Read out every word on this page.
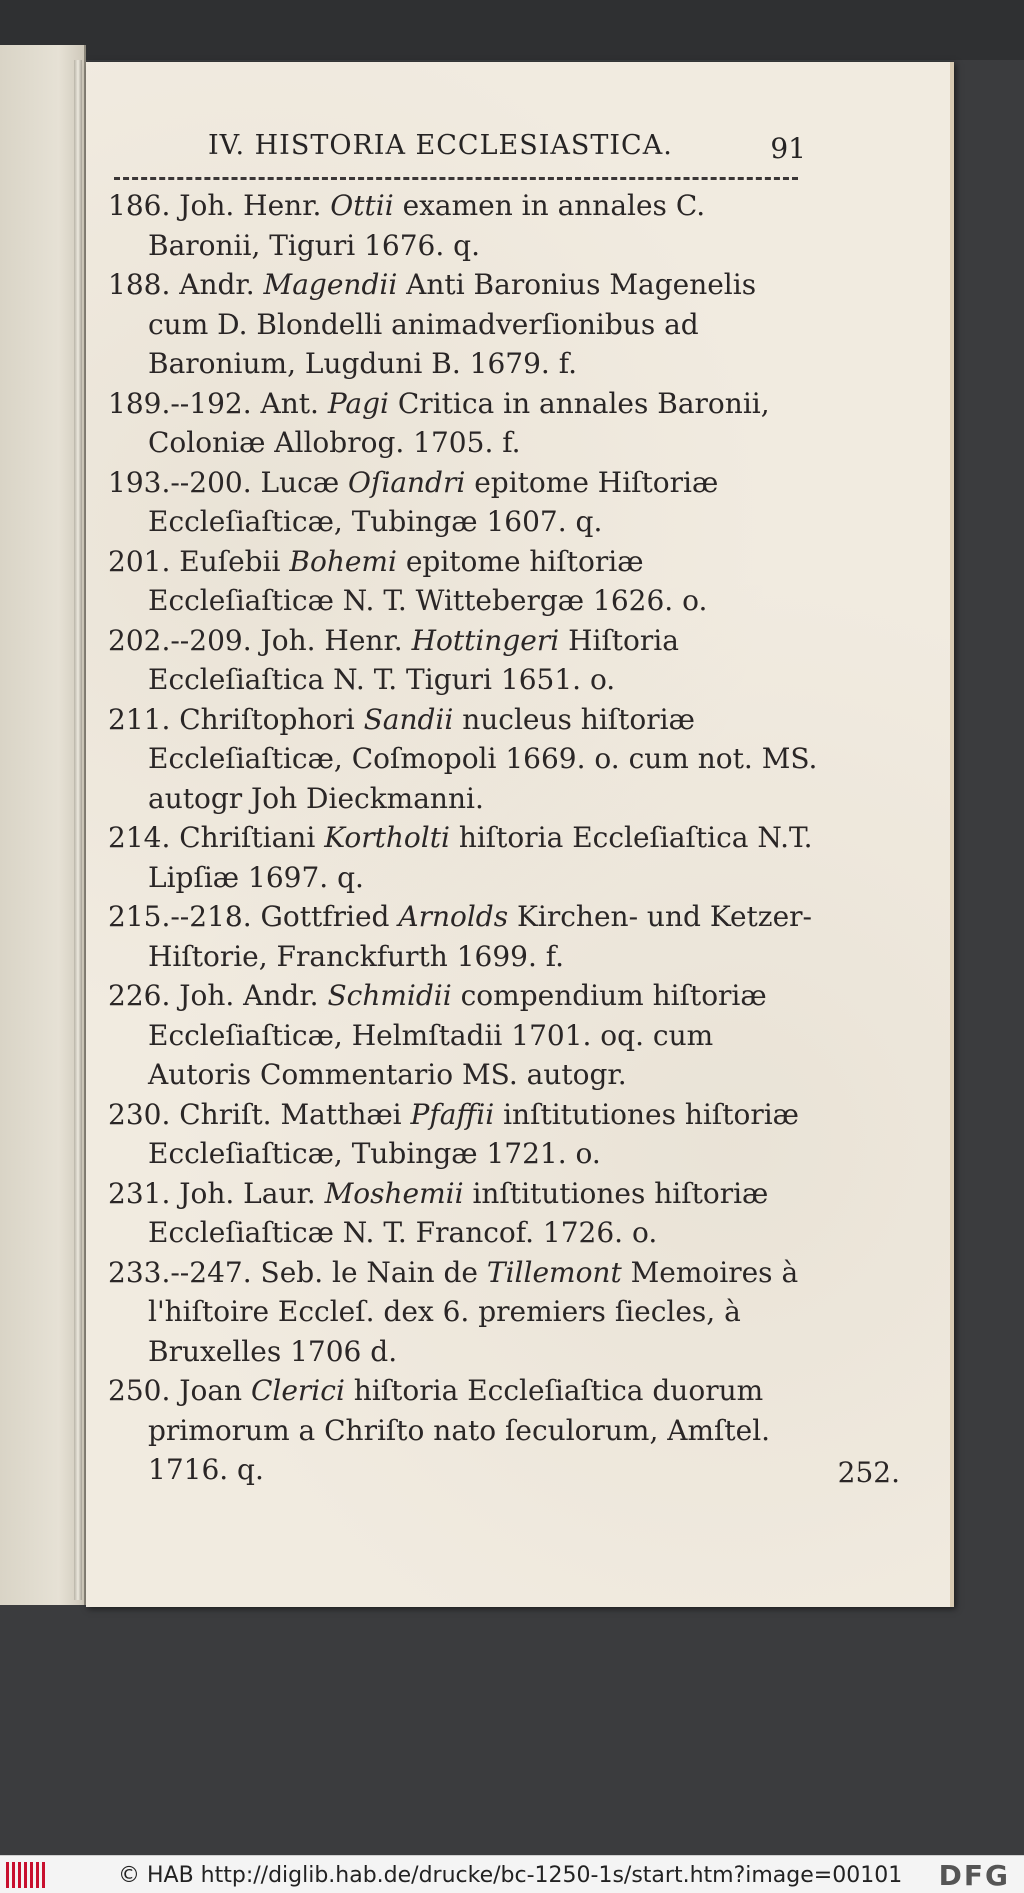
IV. HISTORIA ECCLESIASTICA.	91

186. Joh. Henr. Ottii examen in annales C. Baronii, Tiguri 1676. q.

188. Andr. Magendii Anti Baronius Magenelis cum D. Blondelli animadverſionibus ad Baronium, Lugduni B. 1679. f.

189.--192. Ant. Pagi Critica in annales Baronii, Coloniæ Allobrog. 1705. f.

193.--200. Lucæ Oſiandri epitome Hiſtoriæ Eccleſiaſticæ, Tubingæ 1607. q.

201. Euſebii Bohemi epitome hiſtoriæ Eccleſiaſticæ N. T. Wittebergæ 1626. o.

202.--209. Joh. Henr. Hottingeri Hiſtoria Eccleſiaſtica N. T. Tiguri 1651. o.

211. Chriſtophori Sandii nucleus hiſtoriæ Eccleſiaſticæ, Coſmopoli 1669. o. cum not. MS. autogr Joh Dieckmanni.

214. Chriſtiani Kortholti hiſtoria Eccleſiaſtica N.T. Lipſiæ 1697. q.

215.--218. Gottfried Arnolds Kirchen- und Ketzer-Hiſtorie, Franckfurth 1699. f.

226. Joh. Andr. Schmidii compendium hiſtoriæ Eccleſiaſticæ, Helmſtadii 1701. oq. cum Autoris Commentario MS. autogr.

230. Chriſt. Matthæi Pfaffii inſtitutiones hiſtoriæ Eccleſiaſticæ, Tubingæ 1721. o.

231. Joh. Laur. Moshemii inſtitutiones hiſtoriæ Eccleſiaſticæ N. T. Francof. 1726. o.

233.--247. Seb. le Nain de Tillemont Memoires à l'hiſtoire Eccleſ. dex 6. premiers ſiecles, à Bruxelles 1706 d.

250. Joan Clerici hiſtoria Eccleſiaſtica duorum primorum a Chriſto nato ſeculorum, Amſtel. 1716. q.	252.
© HAB http://diglib.hab.de/drucke/bc-1250-1s/start.htm?image=00101 DFG
